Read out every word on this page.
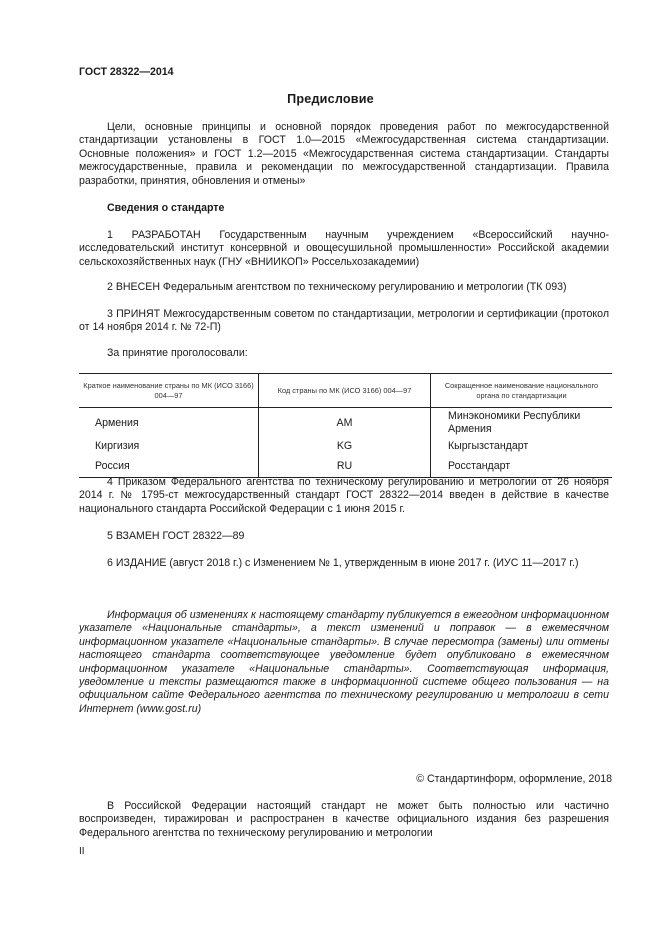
ГОСТ 28322—2014
Предисловие
Цели, основные принципы и основной порядок проведения работ по межгосударственной стандартизации установлены в ГОСТ 1.0—2015 «Межгосударственная система стандартизации. Основные положения» и ГОСТ 1.2—2015 «Межгосударственная система стандартизации. Стандарты межгосударственные, правила и рекомендации по межгосударственной стандартизации. Правила разработки, принятия, обновления и отмены»
Сведения о стандарте
1 РАЗРАБОТАН Государственным научным учреждением «Всероссийский научно-исследовательский институт консервной и овощесушильной промышленности» Российской академии сельскохозяйственных наук (ГНУ «ВНИИКОП» Россельхозакадемии)
2 ВНЕСЕН Федеральным агентством по техническому регулированию и метрологии (ТК 093)
3 ПРИНЯТ Межгосударственным советом по стандартизации, метрологии и сертификации (протокол от 14 ноября 2014 г. № 72-П)
За принятие проголосовали:
Краткое наименование страны по МК (ИСО 3166) 004—97	Код страны по МК (ИСО 3166) 004—97	Сокращенное наименование национального органа по стандартизации
Армения	AM	Минэкономики Республики Армения
Киргизия	KG	Кыргызстандарт
Россия	RU	Росстандарт
4 Приказом Федерального агентства по техническому регулированию и метрологии от 26 ноября 2014 г. № 1795-ст межгосударственный стандарт ГОСТ 28322—2014 введен в действие в качестве национального стандарта Российской Федерации с 1 июня 2015 г.
5 ВЗАМЕН ГОСТ 28322—89
6 ИЗДАНИЕ (август 2018 г.) с Изменением № 1, утвержденным в июне 2017 г. (ИУС 11—2017 г.)
Информация об изменениях к настоящему стандарту публикуется в ежегодном информационном указателе «Национальные стандарты», а текст изменений и поправок — в ежемесячном информационном указателе «Национальные стандарты». В случае пересмотра (замены) или отмены настоящего стандарта соответствующее уведомление будет опубликовано в ежемесячном информационном указателе «Национальные стандарты». Соответствующая информация, уведомление и тексты размещаются также в информационной системе общего пользования — на официальном сайте Федерального агентства по техническому регулированию и метрологии в сети Интернет (www.gost.ru)
© Стандартинформ, оформление, 2018
В Российской Федерации настоящий стандарт не может быть полностью или частично воспроизведен, тиражирован и распространен в качестве официального издания без разрешения Федерального агентства по техническому регулированию и метрологии
II
